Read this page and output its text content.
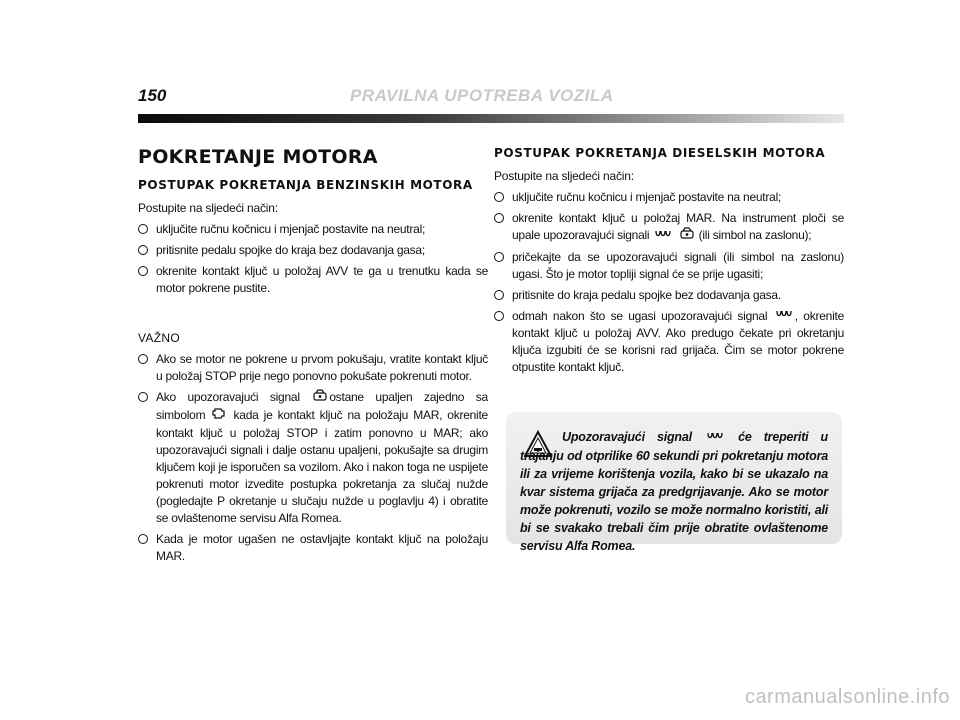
150	PRAVILNA UPOTREBA VOZILA
POKRETANJE MOTORA
POSTUPAK POKRETANJA BENZINSKIH MOTORA

Postupite na sljedeći način:

uključite ručnu kočnicu i mjenjač postavite na neutral;
pritisnite pedalu spojke do kraja bez dodavanja gasa;
okrenite kontakt ključ u položaj AVV te ga u trenutku kada se motor pokrene pustite.
VAŽNO
Ako se motor ne pokrene u prvom pokušaju, vratite kontakt ključ u položaj STOP prije nego ponovno pokušate pokrenuti motor.
Ako upozoravajući signal ostane upaljen zajedno sa simbolom kada je kontakt ključ na položaju MAR, okrenite kontakt ključ u položaj STOP i zatim ponovno u MAR; ako upozoravajući signali i dalje ostanu upaljeni, pokušajte sa drugim ključem koji je isporučen sa vozilom. Ako i nakon toga ne uspijete pokrenuti motor izvedite postupka pokretanja za slučaj nužde (pogledajte P okretanje u slučaju nužde u poglavlju 4) i obratite se ovlaštenome servisu Alfa Romea.
Kada je motor ugašen ne ostavljajte kontakt ključ na položaju MAR.
POSTUPAK POKRETANJA DIESELSKIH MOTORA

Postupite na sljedeći način:

uključite ručnu kočnicu i mjenjač postavite na neutral;
okrenite kontakt ključ u položaj MAR. Na instrument ploči se upale upozoravajući signali	(ili simbol na zaslonu);
pričekajte da se upozoravajući signali (ili simbol na zaslonu) ugasi. Što je motor topliji signal će se prije ugasiti;
pritisnite do kraja pedalu spojke bez dodavanja gasa.
odmah nakon što se ugasi upozoravajući signal , okrenite kontakt ključ u položaj AVV. Ako predugo čekate pri okretanju ključa izgubiti će se korisni rad grijača. Čim se motor pokrene otpustite kontakt ključ.
Upozoravajući signal	će treperiti u trajanju od otprilike 60 sekundi pri pokretanju motora ili za vrijeme korištenja vozila, kako bi se ukazalo na kvar sistema grijača za predgrijavanje. Ako se motor može pokrenuti, vozilo se može normalno koristiti, ali bi se svakako trebali čim prije obratite ovlaštenome servisu Alfa Romea.
carmanualsonline.info
